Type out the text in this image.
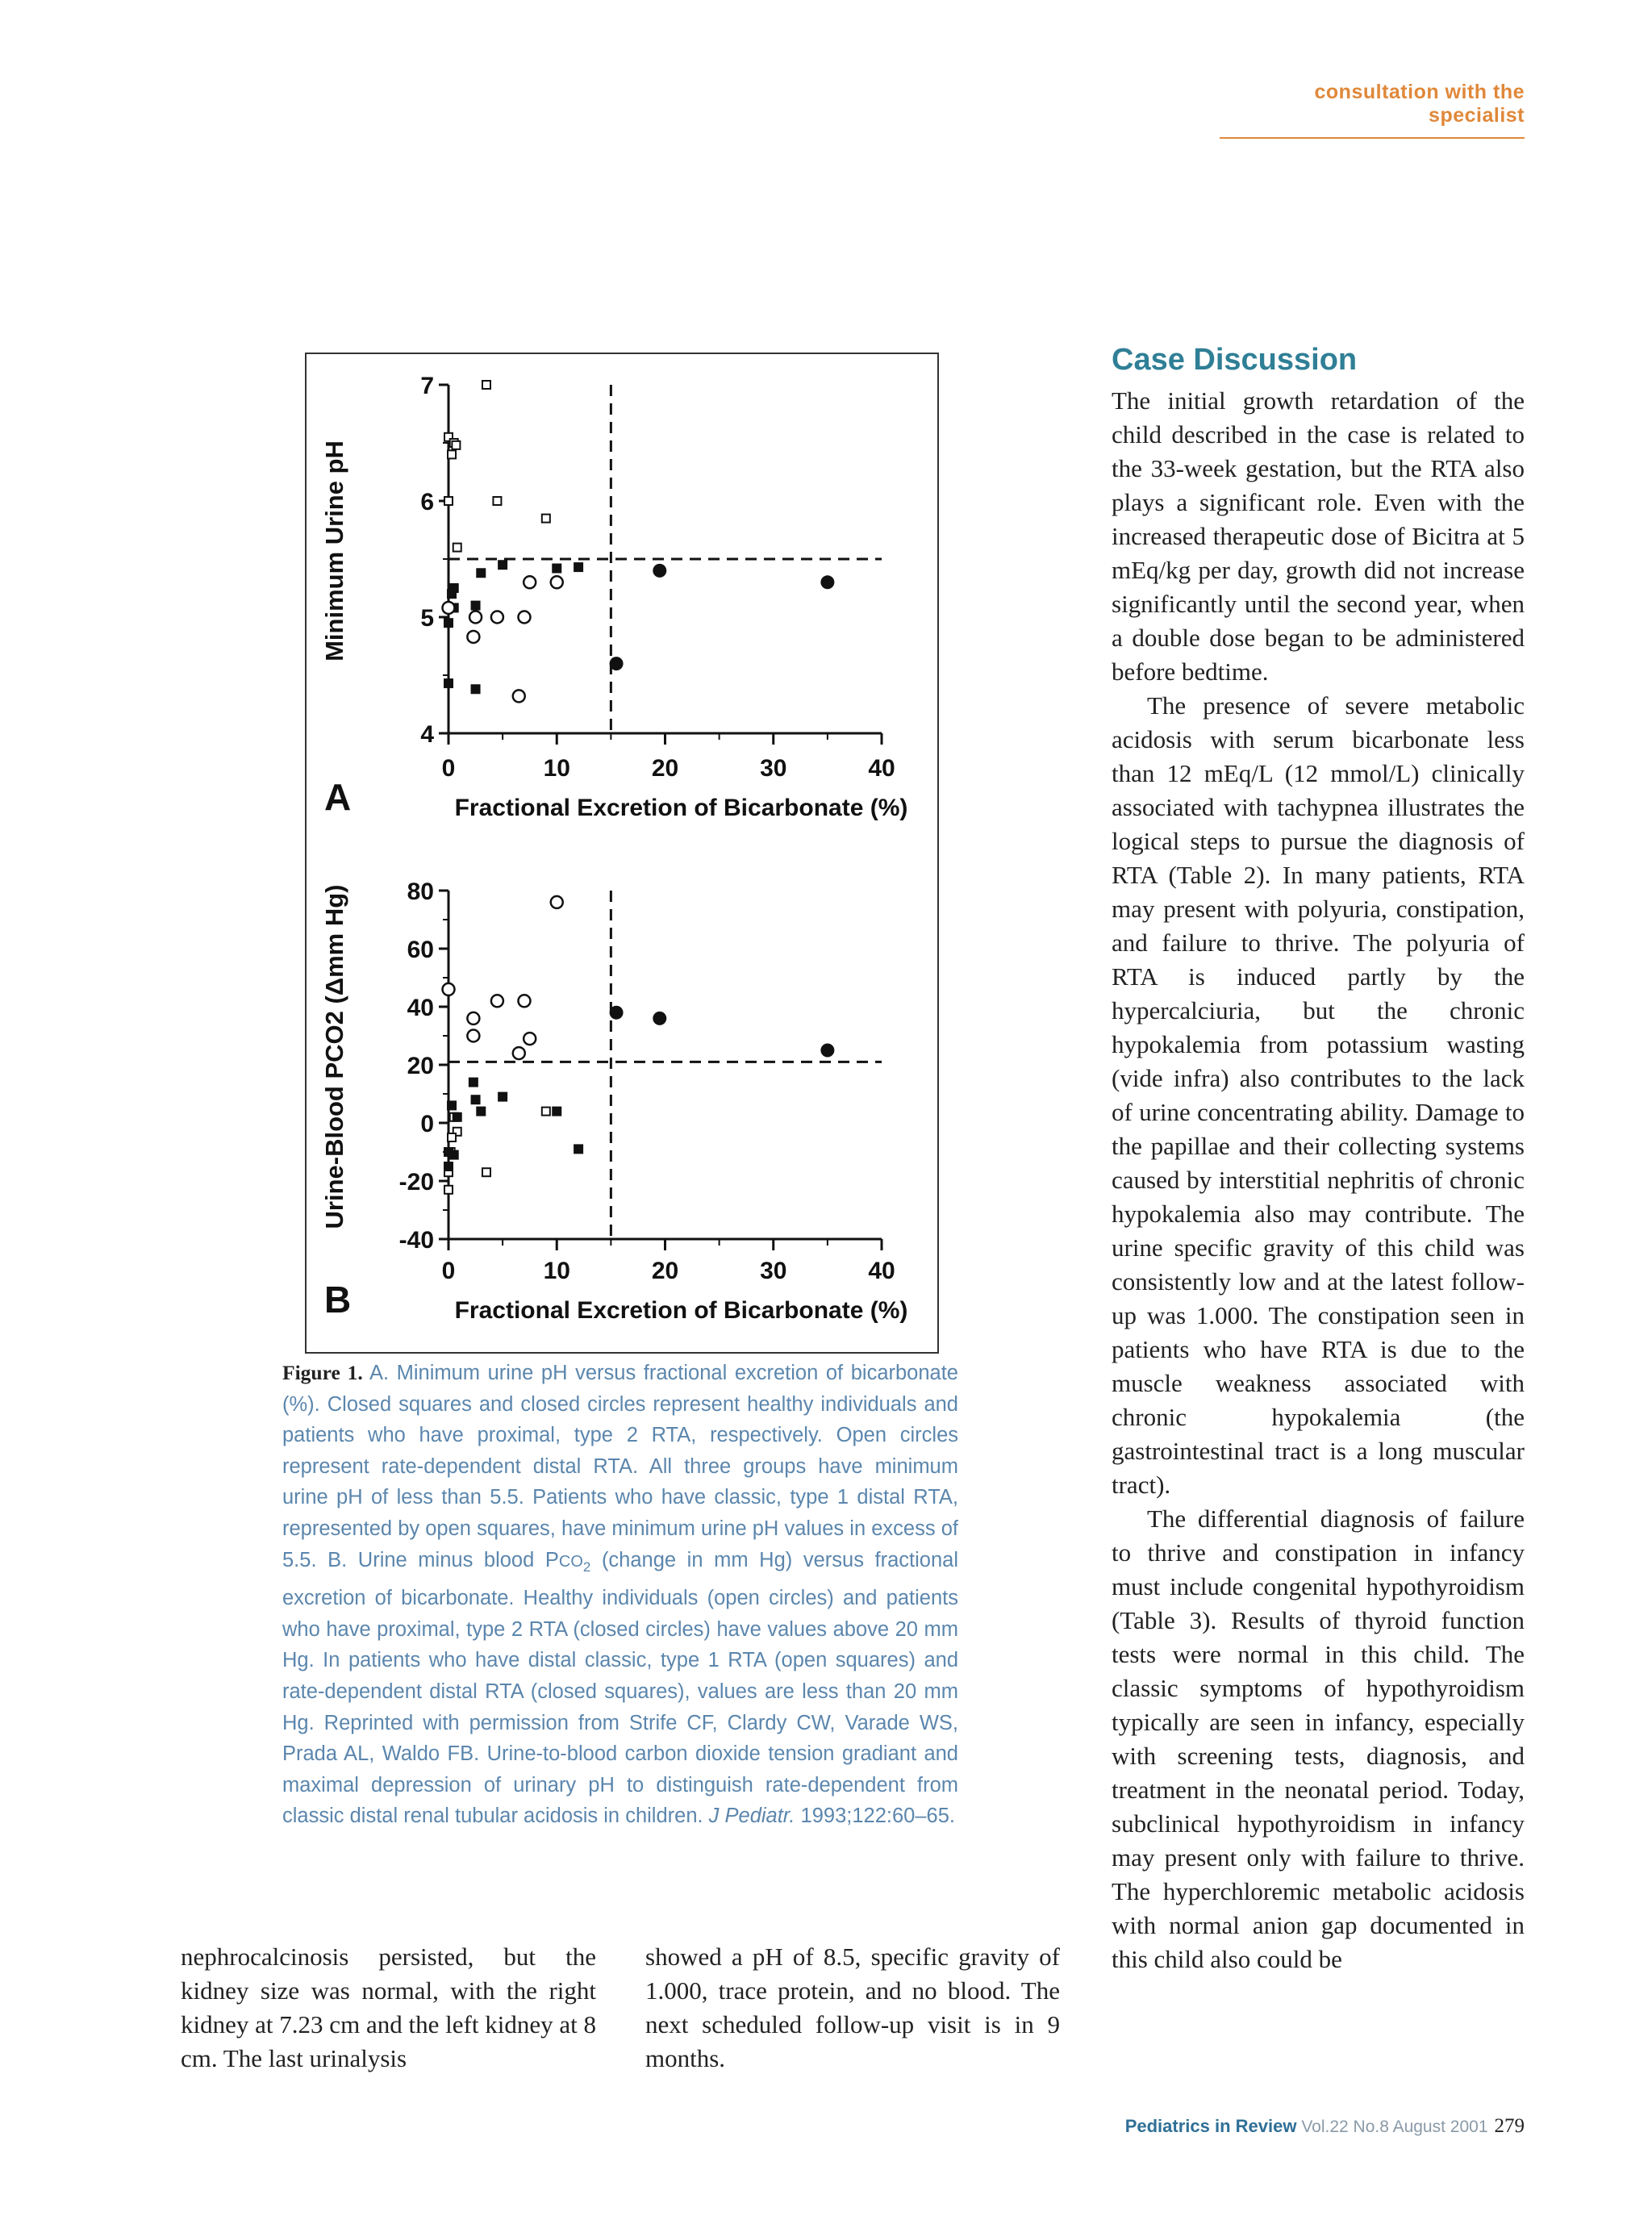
consultation with the specialist
7
6
5
4
0	10	20	30	40
A	Fractional Excretion of Bicarbonate (%)
Minimum Urine pH
80
60
40
20
0
-20
-40
0	10	20	30	40
B	Fractional Excretion of Bicarbonate (%)
Urine-Blood PCO2 (Δmm Hg)
Figure 1. A. Minimum urine pH versus fractional excretion of bicarbonate (%). Closed squares and closed circles represent healthy individuals and patients who have proximal, type 2 RTA, respectively. Open circles represent rate-dependent distal RTA. All three groups have minimum urine pH of less than 5.5. Patients who have classic, type 1 distal RTA, represented by open squares, have minimum urine pH values in excess of 5.5. B. Urine minus blood $PCO_2$ (change in mm Hg) versus fractional excretion of bicarbonate. Healthy individuals (open circles) and patients who have proximal, type 2 RTA (closed circles) have values above 20 mm Hg. In patients who have distal classic, type 1 RTA (open squares) and rate-dependent distal RTA (closed squares), values are less than 20 mm Hg. Reprinted with permission from Strife CF, Clardy CW, Varade WS, Prada AL, Waldo FB. Urine-to-blood carbon dioxide tension gradiant and maximal depression of urinary pH to distinguish rate-dependent from classic distal renal tubular acidosis in children. J Pediatr. 1993;122:60–65.
Case Discussion

The initial growth retardation of the child described in the case is related to the 33-week gestation, but the RTA also plays a significant role. Even with the increased therapeutic dose of Bicitra at 5 mEq/kg per day, growth did not increase significantly until the second year, when a double dose began to be administered before bedtime.

The presence of severe metabolic acidosis with serum bicarbonate less than 12 mEq/L (12 mmol/L) clinically associated with tachypnea illustrates the logical steps to pursue the diagnosis of RTA (Table 2). In many patients, RTA may present with polyuria, constipation, and failure to thrive. The polyuria of RTA is induced partly by the hypercalciuria, but the chronic hypokalemia from potassium wasting (vide infra) also contributes to the lack of urine concentrating ability. Damage to the papillae and their collecting systems caused by interstitial nephritis of chronic hypokalemia also may contribute. The urine specific gravity of this child was consistently low and at the latest follow-up was 1.000. The constipation seen in patients who have RTA is due to the muscle weakness associated with chronic hypokalemia (the gastrointestinal tract is a long muscular tract).

The differential diagnosis of failure to thrive and constipation in infancy must include congenital hypothyroidism (Table 3). Results of thyroid function tests were normal in this child. The classic symptoms of hypothyroidism typically are seen in infancy, especially with screening tests, diagnosis, and treatment in the neonatal period. Today, subclinical hypothyroidism in infancy may present only with failure to thrive. The hyperchloremic metabolic acidosis with normal anion gap documented in this child also could be

nephrocalcinosis persisted, but the kidney size was normal, with the right kidney at 7.23 cm and the left kidney at 8 cm. The last urinalysis

showed a pH of 8.5, specific gravity of 1.000, trace protein, and no blood. The next scheduled follow-up visit is in 9 months.

Pediatrics in Review Vol.22 No.8 August 2001 279
